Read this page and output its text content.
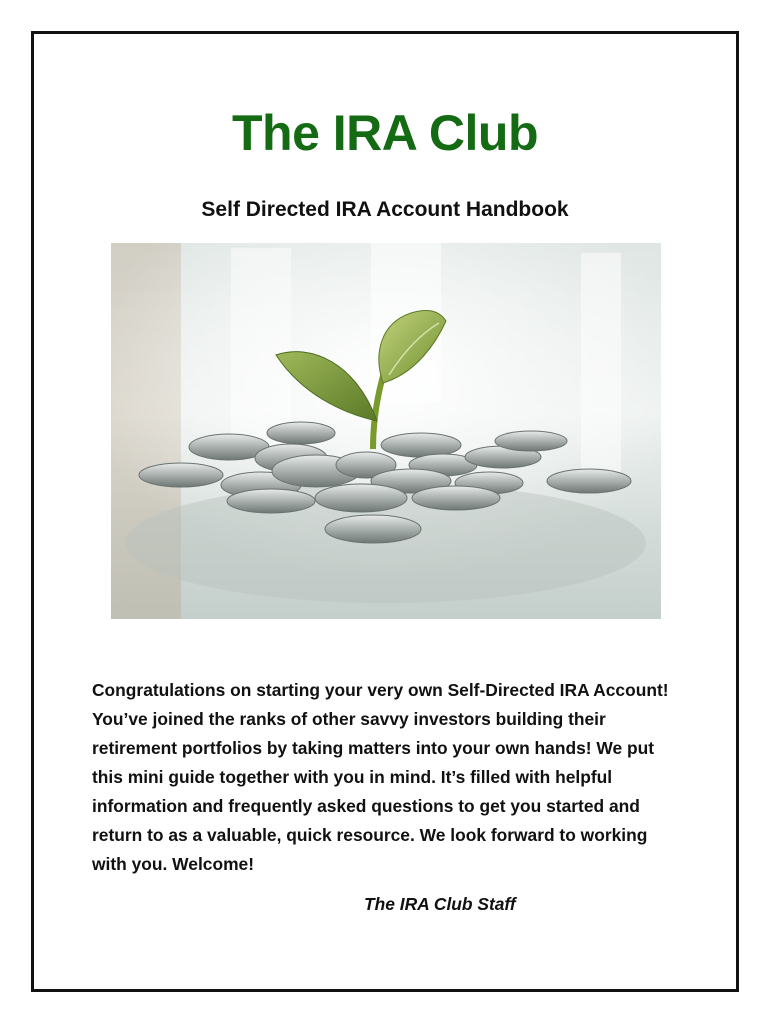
The IRA Club
Self Directed IRA Account Handbook
Congratulations on starting your very own Self-Directed IRA Account!
You’ve joined the ranks of other savvy investors building their
retirement portfolios by taking matters into your own hands! We put
this mini guide together with you in mind. It’s filled with helpful
information and frequently asked questions to get you started and
return to as a valuable, quick resource. We look forward to working
with you. Welcome!

The IRA Club Staff
